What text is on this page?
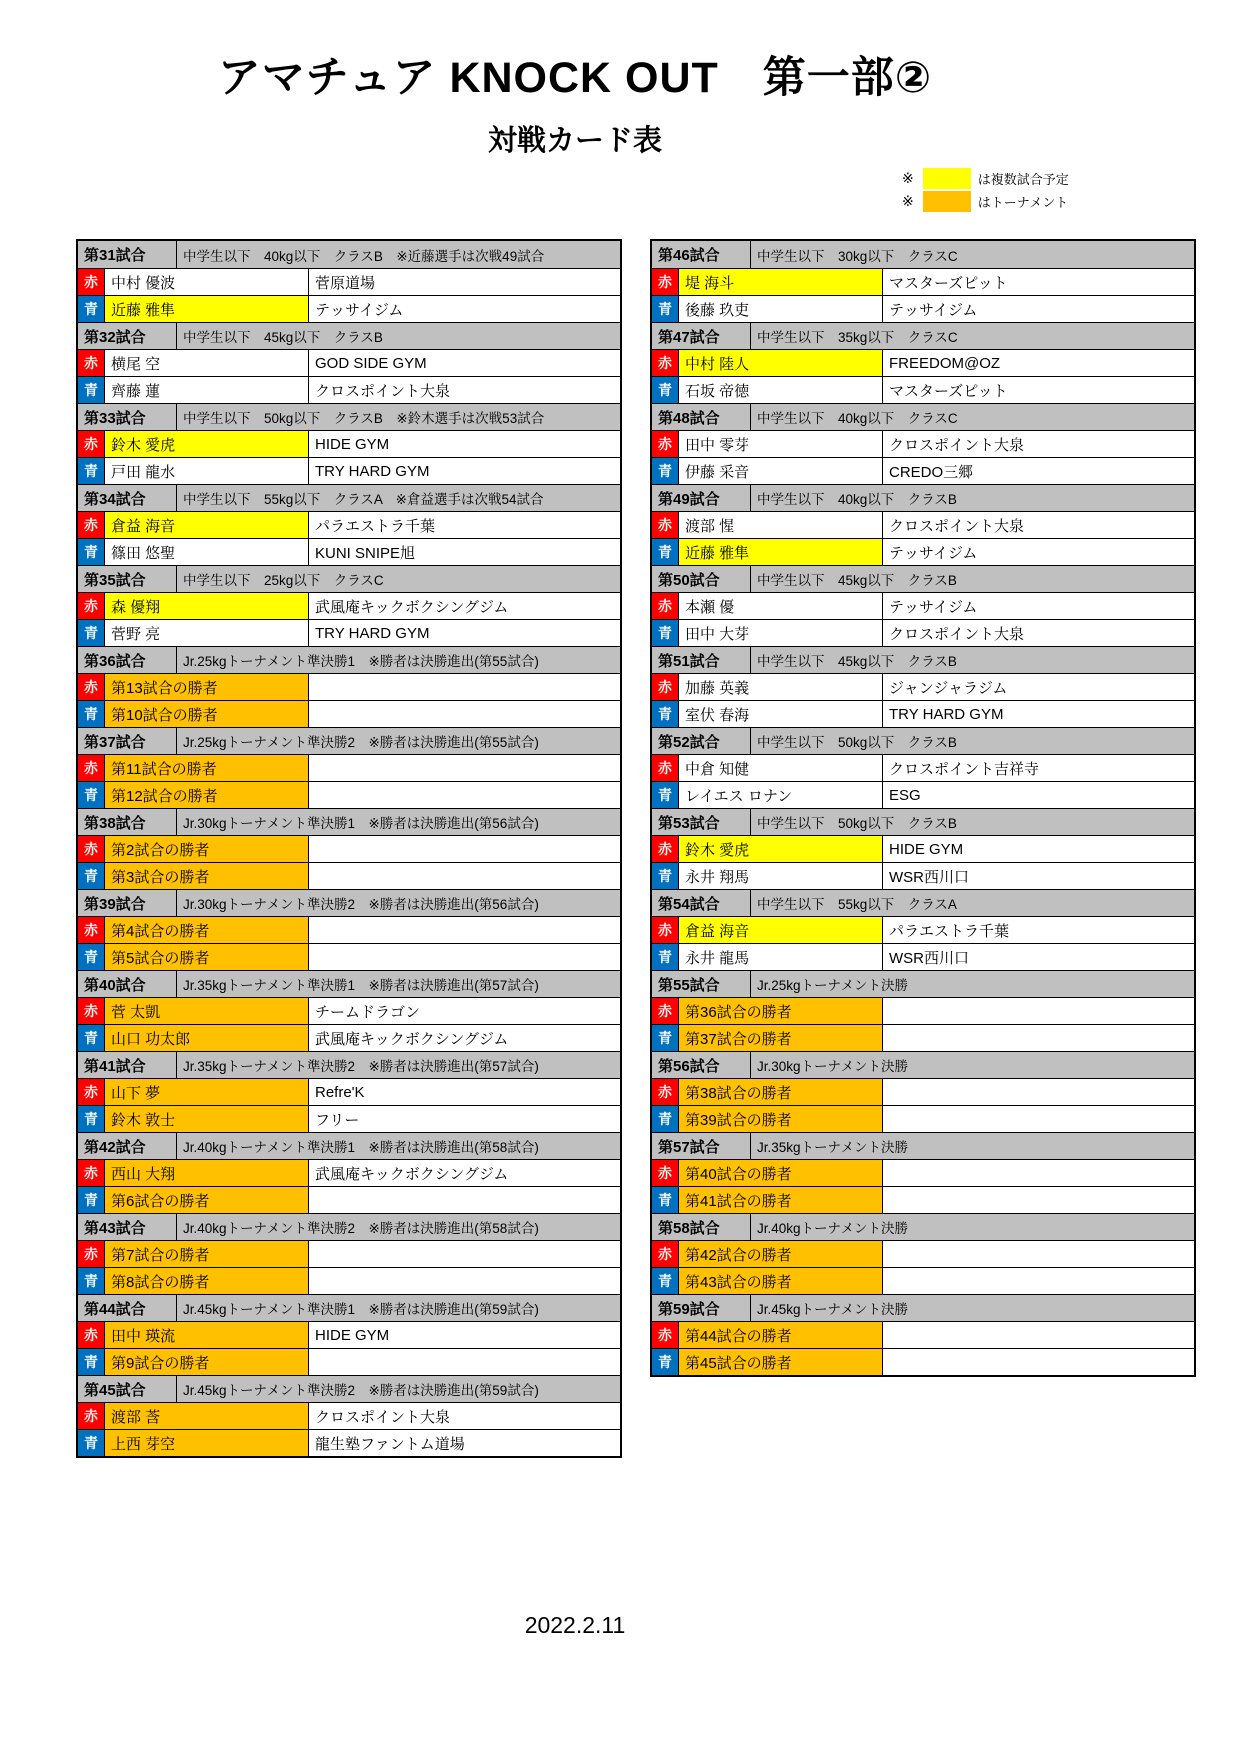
アマチュア KNOCK OUT　第一部②
対戦カード表
※	は複数試合予定
※	はトーナメント
第31試合	中学生以下　40kg以下　クラスB　※近藤選手は次戦49試合
赤 中村 優波	菅原道場
青 近藤 雅隼	テッサイジム
第32試合	中学生以下　45kg以下　クラスB
赤 横尾 空	GOD SIDE GYM
青 齊藤 蓮	クロスポイント大泉
第33試合	中学生以下　50kg以下　クラスB　※鈴木選手は次戦53試合
赤 鈴木 愛虎	HIDE GYM
青 戸田 龍水	TRY HARD GYM
第34試合	中学生以下　55kg以下　クラスA　※倉益選手は次戦54試合
赤 倉益 海音	パラエストラ千葉
青 篠田 悠聖	KUNI SNIPE旭
第35試合	中学生以下　25kg以下　クラスC
赤 森 優翔	武風庵キックボクシングジム
青 菅野 亮	TRY HARD GYM
第36試合	Jr.25kgトーナメント準決勝1　※勝者は決勝進出(第55試合)
赤 第13試合の勝者
青 第10試合の勝者
第37試合	Jr.25kgトーナメント準決勝2　※勝者は決勝進出(第55試合)
赤 第11試合の勝者
青 第12試合の勝者
第38試合	Jr.30kgトーナメント準決勝1　※勝者は決勝進出(第56試合)
赤 第2試合の勝者
青 第3試合の勝者
第39試合	Jr.30kgトーナメント準決勝2　※勝者は決勝進出(第56試合)
赤 第4試合の勝者
青 第5試合の勝者
第40試合	Jr.35kgトーナメント準決勝1　※勝者は決勝進出(第57試合)
赤 菅 太凱	チームドラゴン
青 山口 功太郎	武風庵キックボクシングジム
第41試合	Jr.35kgトーナメント準決勝2　※勝者は決勝進出(第57試合)
赤 山下 夢	Refre'K
青 鈴木 敦士	フリー
第42試合	Jr.40kgトーナメント準決勝1　※勝者は決勝進出(第58試合)
赤 西山 大翔	武風庵キックボクシングジム
青 第6試合の勝者
第43試合	Jr.40kgトーナメント準決勝2　※勝者は決勝進出(第58試合)
赤 第7試合の勝者
青 第8試合の勝者
第44試合	Jr.45kgトーナメント準決勝1　※勝者は決勝進出(第59試合)
赤 田中 瑛流	HIDE GYM
青 第9試合の勝者
第45試合	Jr.45kgトーナメント準決勝2　※勝者は決勝進出(第59試合)
赤 渡部 莟	クロスポイント大泉
青 上西 芽空	龍生塾ファントム道場
第46試合	中学生以下　30kg以下　クラスC
赤 堤 海斗	マスターズピット
青 後藤 玖吏	テッサイジム
第47試合	中学生以下　35kg以下　クラスC
赤 中村 陸人	FREEDOM@OZ
青 石坂 帝徳	マスターズピット
第48試合	中学生以下　40kg以下　クラスC
赤 田中 零芽	クロスポイント大泉
青 伊藤 采音	CREDO三郷
第49試合	中学生以下　40kg以下　クラスB
赤 渡部 惺	クロスポイント大泉
青 近藤 雅隼	テッサイジム
第50試合	中学生以下　45kg以下　クラスB
赤 本瀬 優	テッサイジム
青 田中 大芽	クロスポイント大泉
第51試合	中学生以下　45kg以下　クラスB
赤 加藤 英義	ジャンジャラジム
青 室伏 春海	TRY HARD GYM
第52試合	中学生以下　50kg以下　クラスB
赤 中倉 知健	クロスポイント吉祥寺
青 レイエス ロナン	ESG
第53試合	中学生以下　50kg以下　クラスB
赤 鈴木 愛虎	HIDE GYM
青 永井 翔馬	WSR西川口
第54試合	中学生以下　55kg以下　クラスA
赤 倉益 海音	パラエストラ千葉
青 永井 龍馬	WSR西川口
第55試合	Jr.25kgトーナメント決勝
赤 第36試合の勝者
青 第37試合の勝者
第56試合	Jr.30kgトーナメント決勝
赤 第38試合の勝者
青 第39試合の勝者
第57試合	Jr.35kgトーナメント決勝
赤 第40試合の勝者
青 第41試合の勝者
第58試合	Jr.40kgトーナメント決勝
赤 第42試合の勝者
青 第43試合の勝者
第59試合	Jr.45kgトーナメント決勝
赤 第44試合の勝者
青 第45試合の勝者
2022.2.11
